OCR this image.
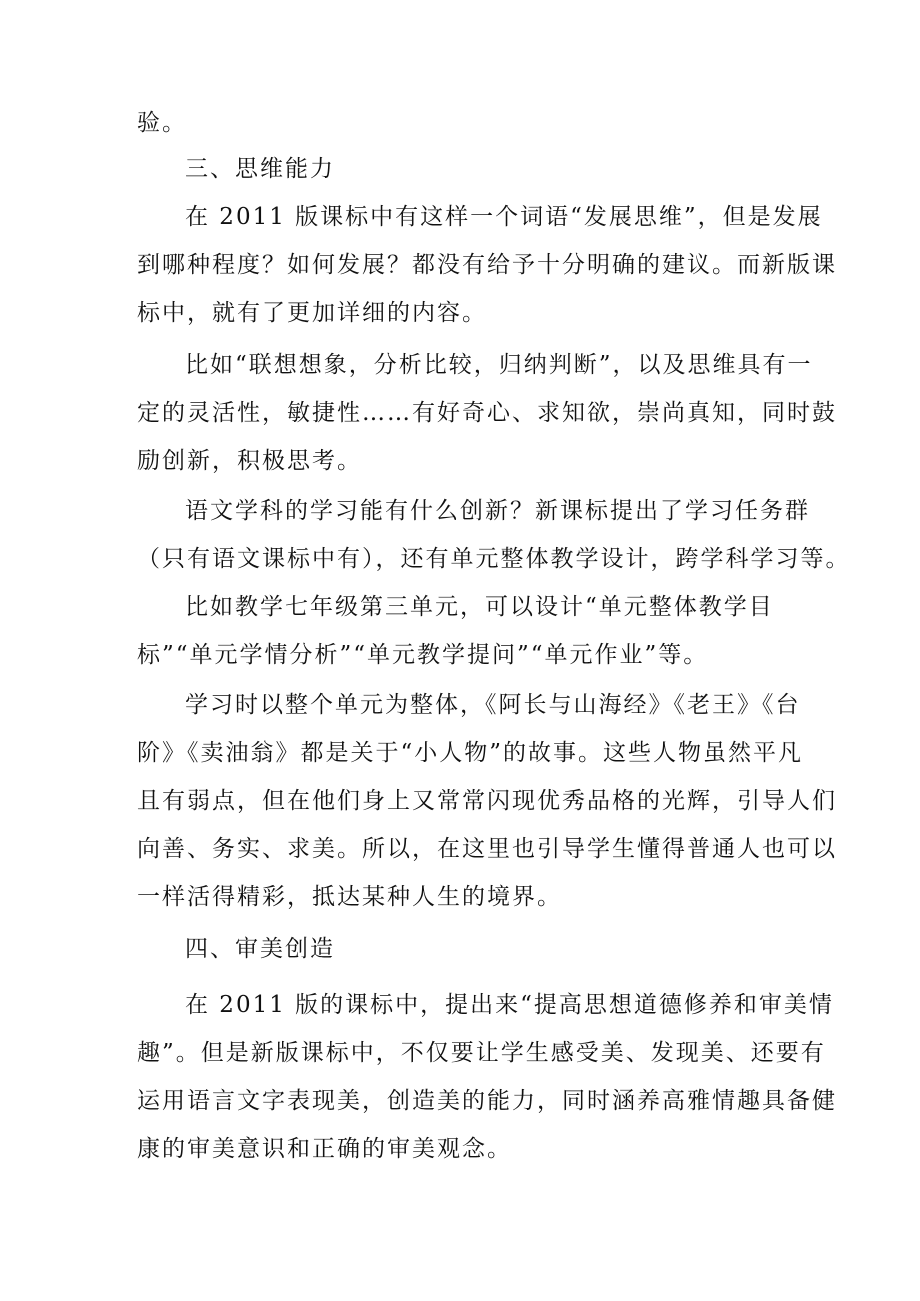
验。
三、思维能力
在 2011 版课标中有这样一个词语“发展思维”，但是发展
到哪种程度？如何发展？都没有给予十分明确的建议。而新版课
标中，就有了更加详细的内容。
比如“联想想象，分析比较，归纳判断”，以及思维具有一
定的灵活性，敏捷性……有好奇心、求知欲，崇尚真知，同时鼓
励创新，积极思考。
语文学科的学习能有什么创新？新课标提出了学习任务群
（只有语文课标中有），还有单元整体教学设计，跨学科学习等。
比如教学七年级第三单元，可以设计“单元整体教学目
标”“单元学情分析”“单元教学提问”“单元作业”等。
学习时以整个单元为整体，《阿长与山海经》《老王》《台
阶》《卖油翁》都是关于“小人物”的故事。这些人物虽然平凡
且有弱点，但在他们身上又常常闪现优秀品格的光辉，引导人们
向善、务实、求美。所以，在这里也引导学生懂得普通人也可以
一样活得精彩，抵达某种人生的境界。
四、审美创造
在 2011 版的课标中，提出来“提高思想道德修养和审美情
趣”。但是新版课标中，不仅要让学生感受美、发现美、还要有
运用语言文字表现美，创造美的能力，同时涵养高雅情趣具备健
康的审美意识和正确的审美观念。
